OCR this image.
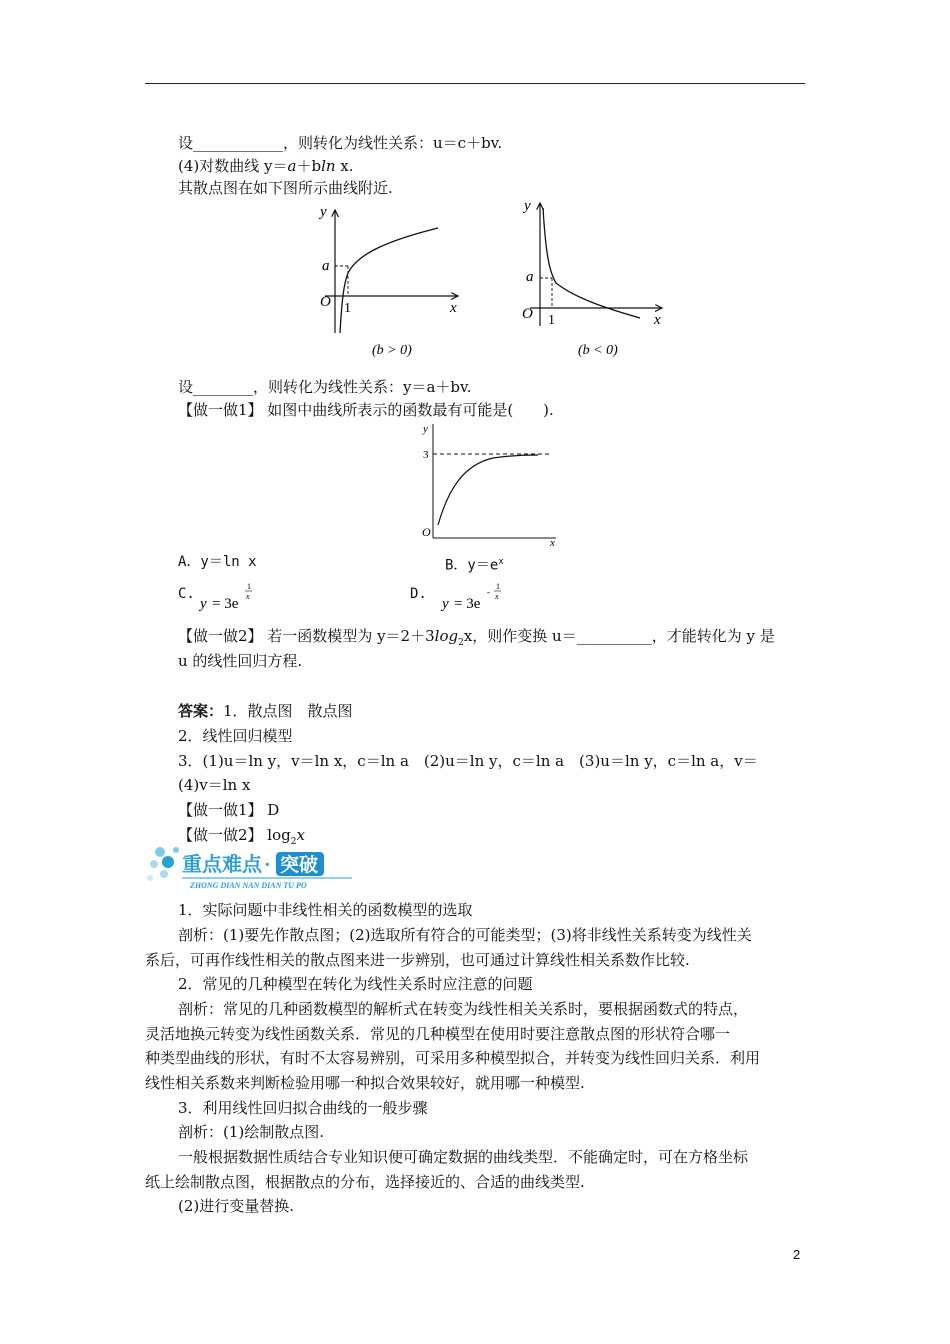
设____________，则转化为线性关系：u＝c＋bv.
(4)对数曲线 y＝a＋bln x.
其散点图在如下图所示曲线附近.
y
a
O 1	x
(b > 0)
y
a
O 1	x
(b < 0)
设________，则转化为线性关系：y＝a＋bv.
【做一做1】 如图中曲线所表示的函数最有可能是(　　).
y
3
O
x
A．y＝ln x	B．$y=e^x$
C.
y = 3e
1
x	D.
y = 3e
-
1
x
【做一做2】 若一函数模型为 $y=2+3\log_2x$，则作变换 u＝__________，才能转化为 y 是
u 的线性回归方程.
答案：1．散点图　散点图
2．线性回归模型
3．(1)u＝ln y，v＝ln x，c＝ln a　(2)u＝ln y，c＝ln a　(3)u＝ln y，c＝ln a，v＝
(4)v＝ln x
【做一做1】 D
【做一做2】 $\log_2x$
重点难点 · 突破
ZHONG DIAN NAN DIAN TU PO
1．实际问题中非线性相关的函数模型的选取
剖析：(1)要先作散点图；(2)选取所有符合的可能类型；(3)将非线性关系转变为线性关
系后，可再作线性相关的散点图来进一步辨别，也可通过计算线性相关系数作比较.
2．常见的几种模型在转化为线性关系时应注意的问题
剖析：常见的几种函数模型的解析式在转变为线性相关关系时，要根据函数式的特点，
灵活地换元转变为线性函数关系．常见的几种模型在使用时要注意散点图的形状符合哪一
种类型曲线的形状，有时不太容易辨别，可采用多种模型拟合，并转变为线性回归关系．利用
线性相关系数来判断检验用哪一种拟合效果较好，就用哪一种模型.
3．利用线性回归拟合曲线的一般步骤
剖析：(1)绘制散点图.
一般根据数据性质结合专业知识便可确定数据的曲线类型．不能确定时，可在方格坐标
纸上绘制散点图，根据散点的分布，选择接近的、合适的曲线类型.
(2)进行变量替换.
2
